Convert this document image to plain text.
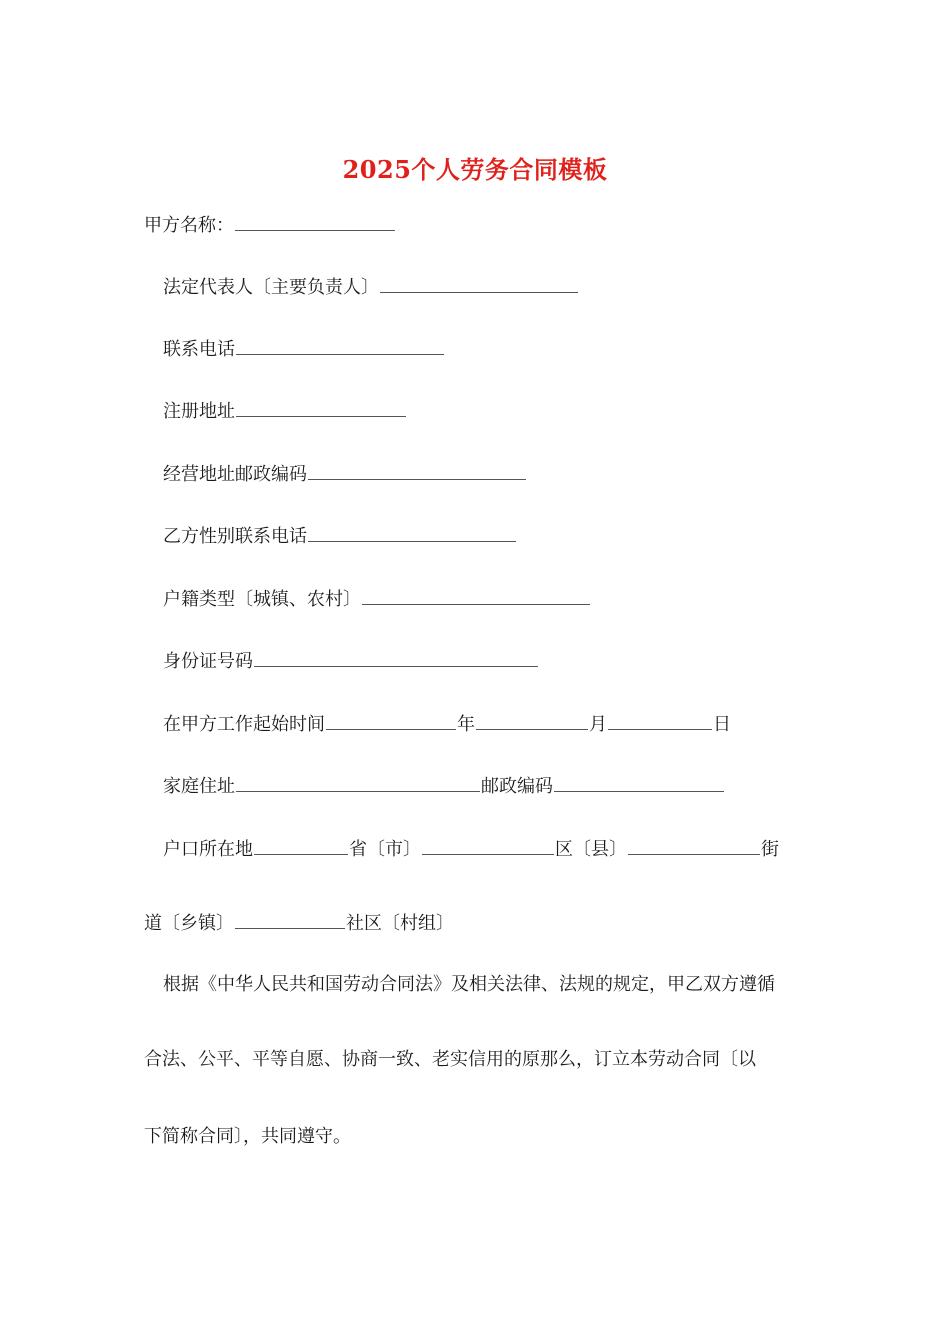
2025个人劳务合同模板
甲方名称：
法定代表人〔主要负责人〕
联系电话
注册地址
经营地址邮政编码
乙方性别联系电话
户籍类型〔城镇、农村〕
身份证号码
在甲方工作起始时间	年	月	日
家庭住址	邮政编码
户口所在地	省〔市〕	区〔县〕	街
道〔乡镇〕	社区〔村组〕
根据《中华人民共和国劳动合同法》及相关法律、法规的规定，甲乙双方遵循
合法、公平、平等自愿、协商一致、老实信用的原那么，订立本劳动合同〔以
下简称合同〕，共同遵守。
